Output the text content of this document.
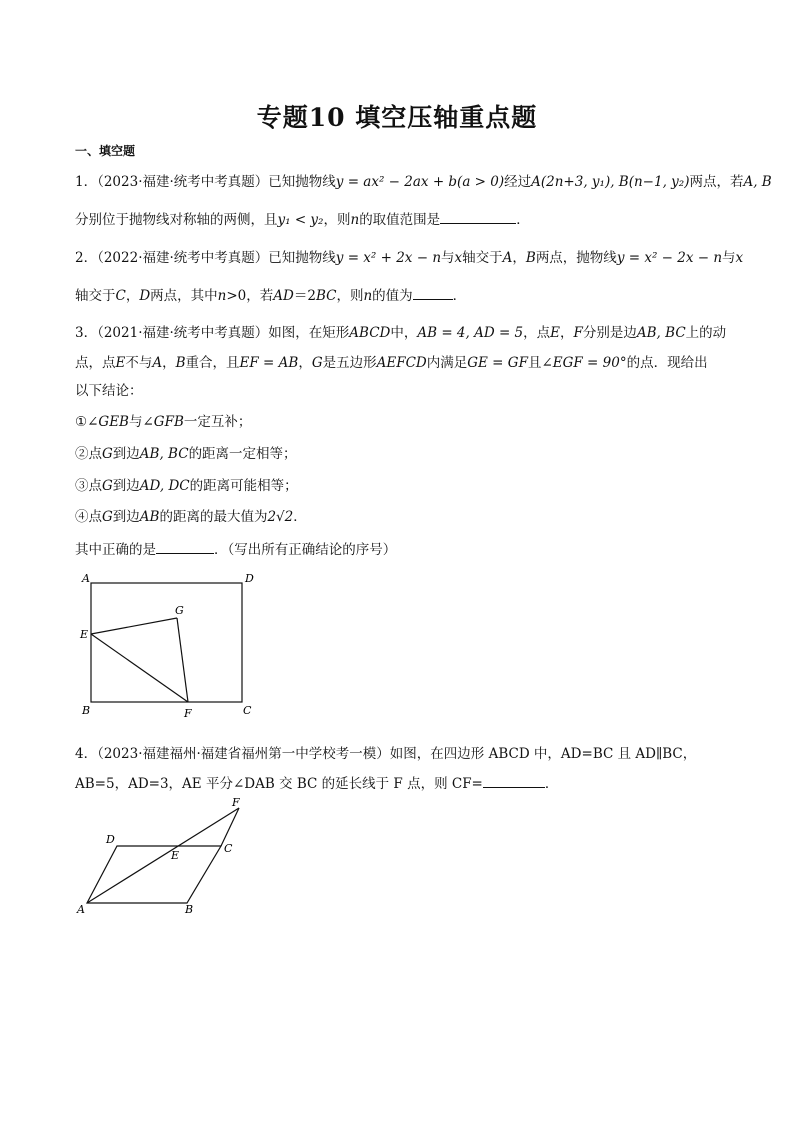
专题10 填空压轴重点题
一、填空题
1．（2023·福建·统考中考真题）已知抛物线y = ax² − 2ax + b(a > 0)经过A(2n+3, y₁), B(n−1, y₂)两点，若A, B
分别位于抛物线对称轴的两侧，且y₁ < y₂，则n的取值范围是	．
2．（2022·福建·统考中考真题）已知抛物线y = x² + 2x − n与x轴交于A，B两点，抛物线y = x² − 2x − n与x
轴交于C，D两点，其中n>0，若AD＝2BC，则n的值为	．
3．（2021·福建·统考中考真题）如图，在矩形ABCD中，AB = 4, AD = 5，点E，F分别是边AB, BC上的动
点，点E不与A，B重合，且EF = AB，G是五边形AEFCD内满足GE = GF且∠EGF = 90°的点．现给出
以下结论：
①∠GEB与∠GFB一定互补；
②点G到边AB, BC的距离一定相等；
③点G到边AD, DC的距离可能相等；
④点G到边AB的距离的最大值为2√2．
其中正确的是	．（写出所有正确结论的序号）
A	D
G
E
B	F	C
4．（2023·福建福州·福建省福州第一中学校考一模）如图，在四边形 ABCD 中，AD=BC 且 AD∥BC，
AB=5，AD=3，AE 平分∠DAB 交 BC 的延长线于 F 点，则 CF=	．
F
D
E
C
A	B
